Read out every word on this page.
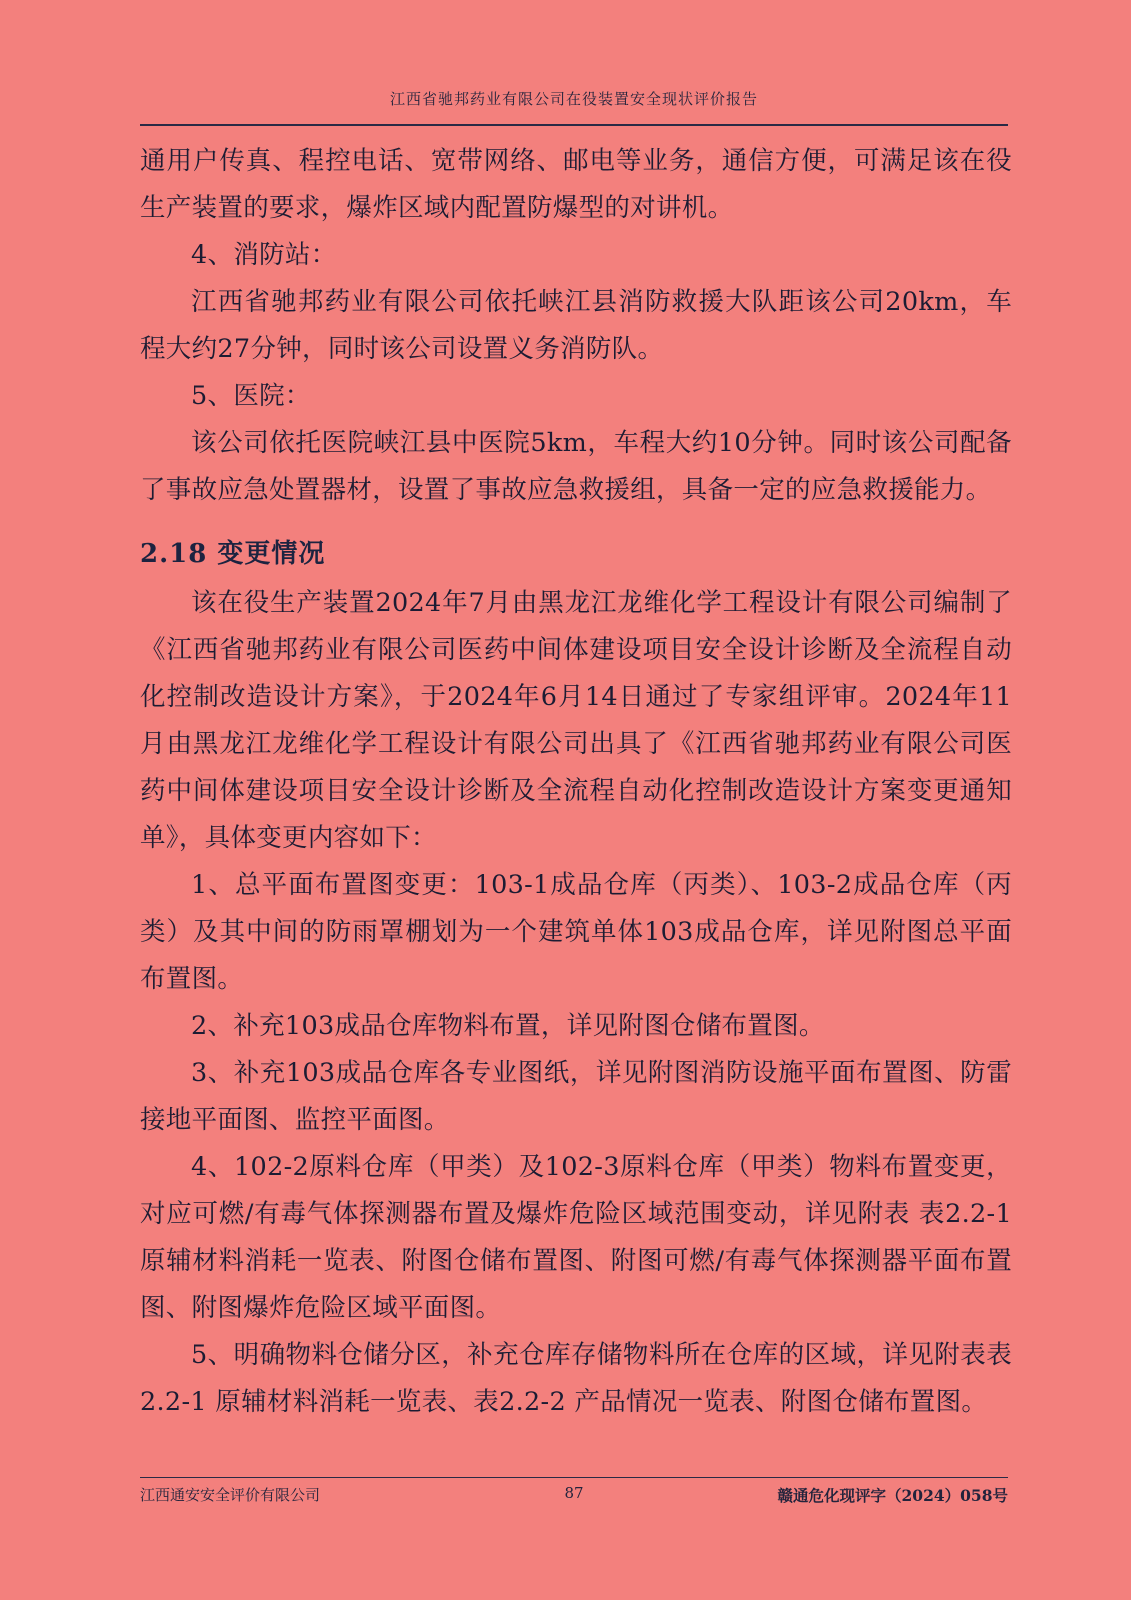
江西省驰邦药业有限公司在役装置安全现状评价报告

通用户传真、程控电话、宽带网络、邮电等业务，通信方便，可满足该在役生产装置的要求，爆炸区域内配置防爆型的对讲机。

4、消防站：

江西省驰邦药业有限公司依托峡江县消防救援大队距该公司20km，车程大约27分钟，同时该公司设置义务消防队。

5、医院：

该公司依托医院峡江县中医院5km，车程大约10分钟。同时该公司配备了事故应急处置器材，设置了事故应急救援组，具备一定的应急救援能力。

2.18 变更情况

该在役生产装置2024年7月由黑龙江龙维化学工程设计有限公司编制了《江西省驰邦药业有限公司医药中间体建设项目安全设计诊断及全流程自动化控制改造设计方案》，于2024年6月14日通过了专家组评审。2024年11月由黑龙江龙维化学工程设计有限公司出具了《江西省驰邦药业有限公司医药中间体建设项目安全设计诊断及全流程自动化控制改造设计方案变更通知单》，具体变更内容如下：

1、总平面布置图变更：103-1成品仓库（丙类）、103-2成品仓库（丙类）及其中间的防雨罩棚划为一个建筑单体103成品仓库，详见附图总平面布置图。

2、补充103成品仓库物料布置，详见附图仓储布置图。

3、补充103成品仓库各专业图纸，详见附图消防设施平面布置图、防雷接地平面图、监控平面图。

4、102-2原料仓库（甲类）及102-3原料仓库（甲类）物料布置变更，对应可燃/有毒气体探测器布置及爆炸危险区域范围变动，详见附表 表2.2-1原辅材料消耗一览表、附图仓储布置图、附图可燃/有毒气体探测器平面布置图、附图爆炸危险区域平面图。

5、明确物料仓储分区，补充仓库存储物料所在仓库的区域，详见附表表2.2-1 原辅材料消耗一览表、表2.2-2 产品情况一览表、附图仓储布置图。

江西通安安全评价有限公司	87	赣通危化现评字（2024）058号
